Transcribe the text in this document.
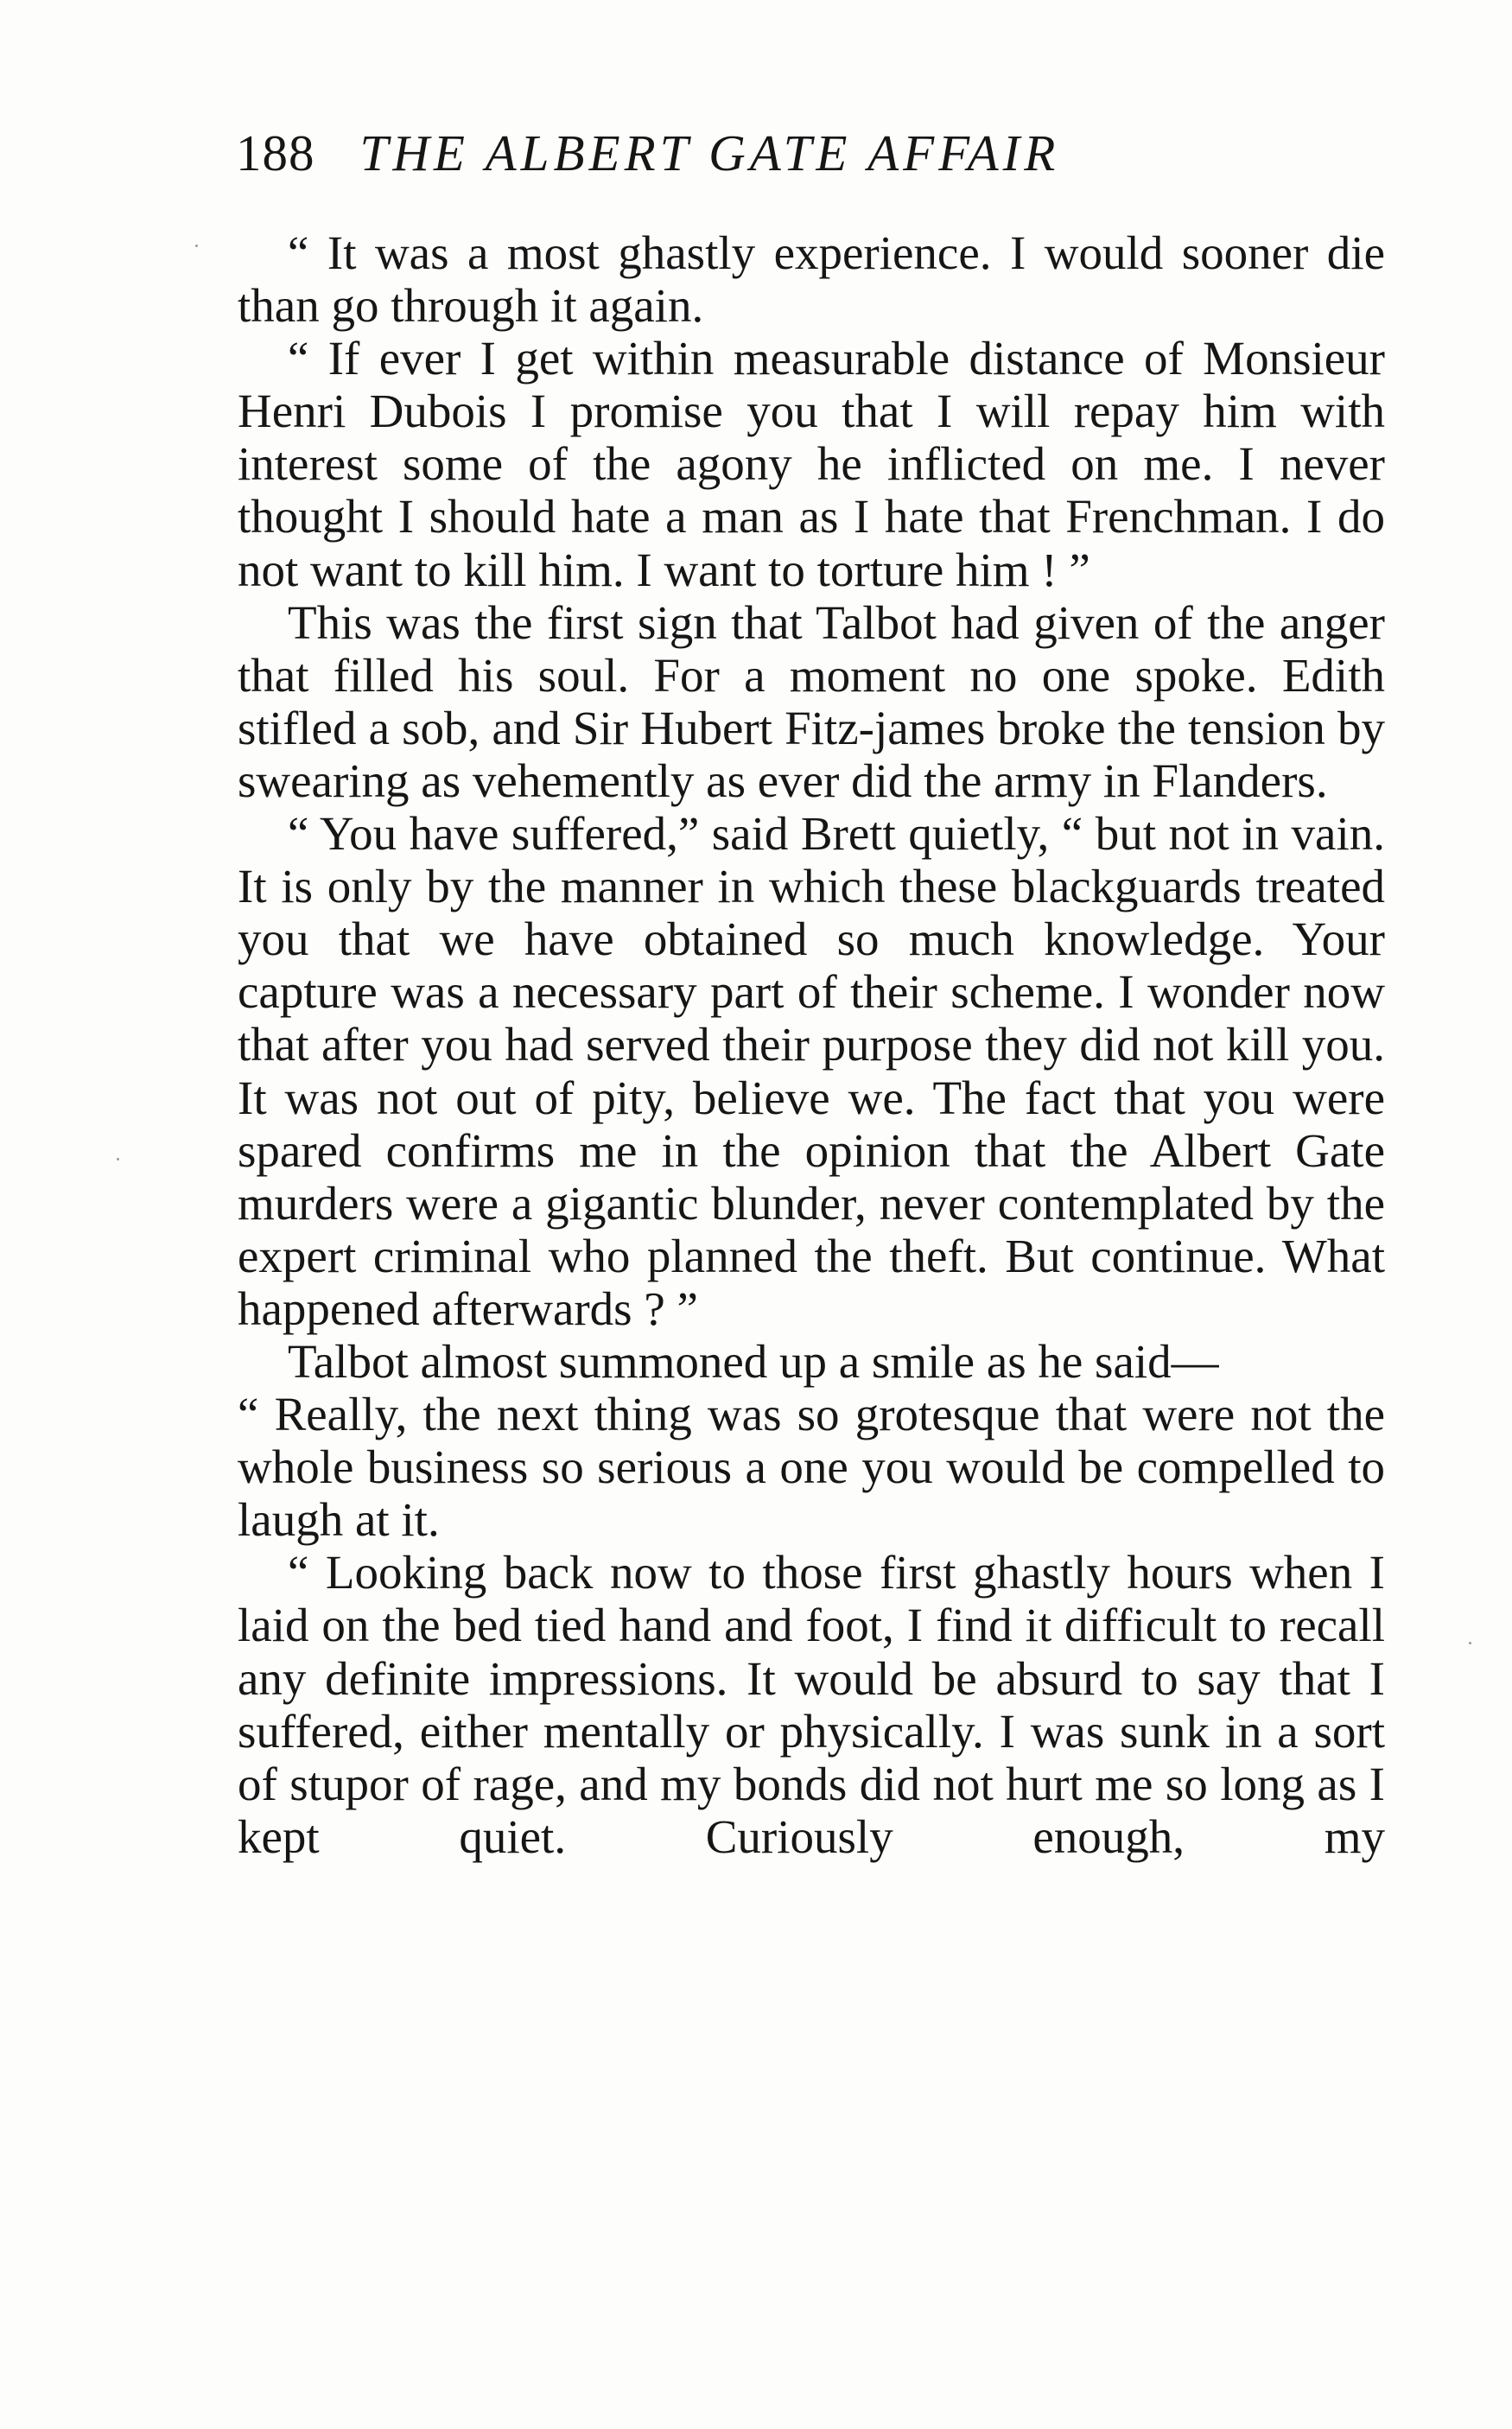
188 THE ALBERT GATE AFFAIR

“ It was a most ghastly experience. I would sooner die than go through it again.

“ If ever I get within measurable distance of Monsieur Henri Dubois I promise you that I will repay him with interest some of the agony he inflicted on me. I never thought I should hate a man as I hate that Frenchman. I do not want to kill him. I want to torture him ! ”

This was the first sign that Talbot had given of the anger that filled his soul. For a moment no one spoke. Edith stifled a sob, and Sir Hubert Fitz-james broke the tension by swearing as vehemently as ever did the army in Flanders.

“ You have suffered,” said Brett quietly, “ but not in vain. It is only by the manner in which these blackguards treated you that we have obtained so much knowledge. Your capture was a necessary part of their scheme. I wonder now that after you had served their purpose they did not kill you. It was not out of pity, believe we. The fact that you were spared confirms me in the opinion that the Albert Gate murders were a gigantic blunder, never contemplated by the expert criminal who planned the theft. But continue. What happened afterwards ? ”

Talbot almost summoned up a smile as he said—

“ Really, the next thing was so grotesque that were not the whole business so serious a one you would be compelled to laugh at it.

“ Looking back now to those first ghastly hours when I laid on the bed tied hand and foot, I find it difficult to recall any definite impressions. It would be absurd to say that I suffered, either mentally or physically. I was sunk in a sort of stupor of rage, and my bonds did not hurt me so long as I kept quiet. Curiously enough, my
